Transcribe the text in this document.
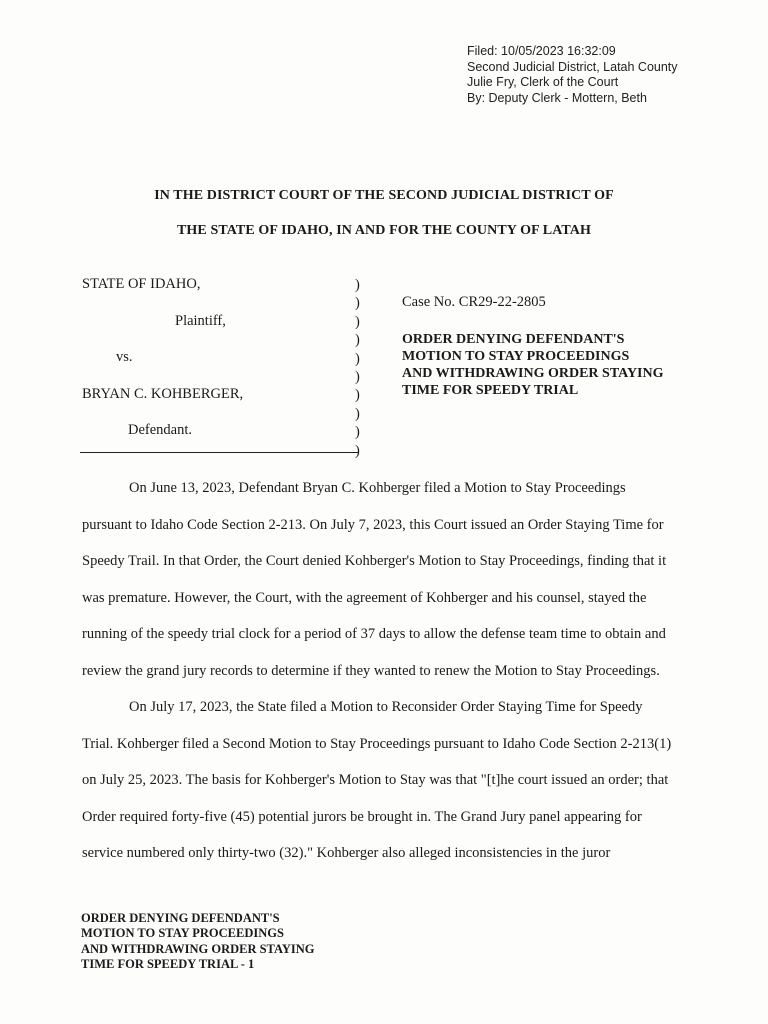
Filed: 10/05/2023 16:32:09
Second Judicial District, Latah County
Julie Fry, Clerk of the Court
By: Deputy Clerk - Mottern, Beth
IN THE DISTRICT COURT OF THE SECOND JUDICIAL DISTRICT OF
THE STATE OF IDAHO, IN AND FOR THE COUNTY OF LATAH
STATE OF IDAHO,
Plaintiff,
vs.
BRYAN C. KOHBERGER,
Defendant.
)
)
)
)
)
)
)
)
)
)
Case No. CR29-22-2805
ORDER DENYING DEFENDANT'S
MOTION TO STAY PROCEEDINGS
AND WITHDRAWING ORDER STAYING
TIME FOR SPEEDY TRIAL
On June 13, 2023, Defendant Bryan C. Kohberger filed a Motion to Stay Proceedings
pursuant to Idaho Code Section 2-213. On July 7, 2023, this Court issued an Order Staying Time for
Speedy Trail. In that Order, the Court denied Kohberger's Motion to Stay Proceedings, finding that it
was premature. However, the Court, with the agreement of Kohberger and his counsel, stayed the
running of the speedy trial clock for a period of 37 days to allow the defense team time to obtain and
review the grand jury records to determine if they wanted to renew the Motion to Stay Proceedings.
On July 17, 2023, the State filed a Motion to Reconsider Order Staying Time for Speedy
Trial. Kohberger filed a Second Motion to Stay Proceedings pursuant to Idaho Code Section 2-213(1)
on July 25, 2023. The basis for Kohberger's Motion to Stay was that "[t]he court issued an order; that
Order required forty-five (45) potential jurors be brought in. The Grand Jury panel appearing for
service numbered only thirty-two (32)." Kohberger also alleged inconsistencies in the juror
ORDER DENYING DEFENDANT'S
MOTION TO STAY PROCEEDINGS
AND WITHDRAWING ORDER STAYING
TIME FOR SPEEDY TRIAL - 1
